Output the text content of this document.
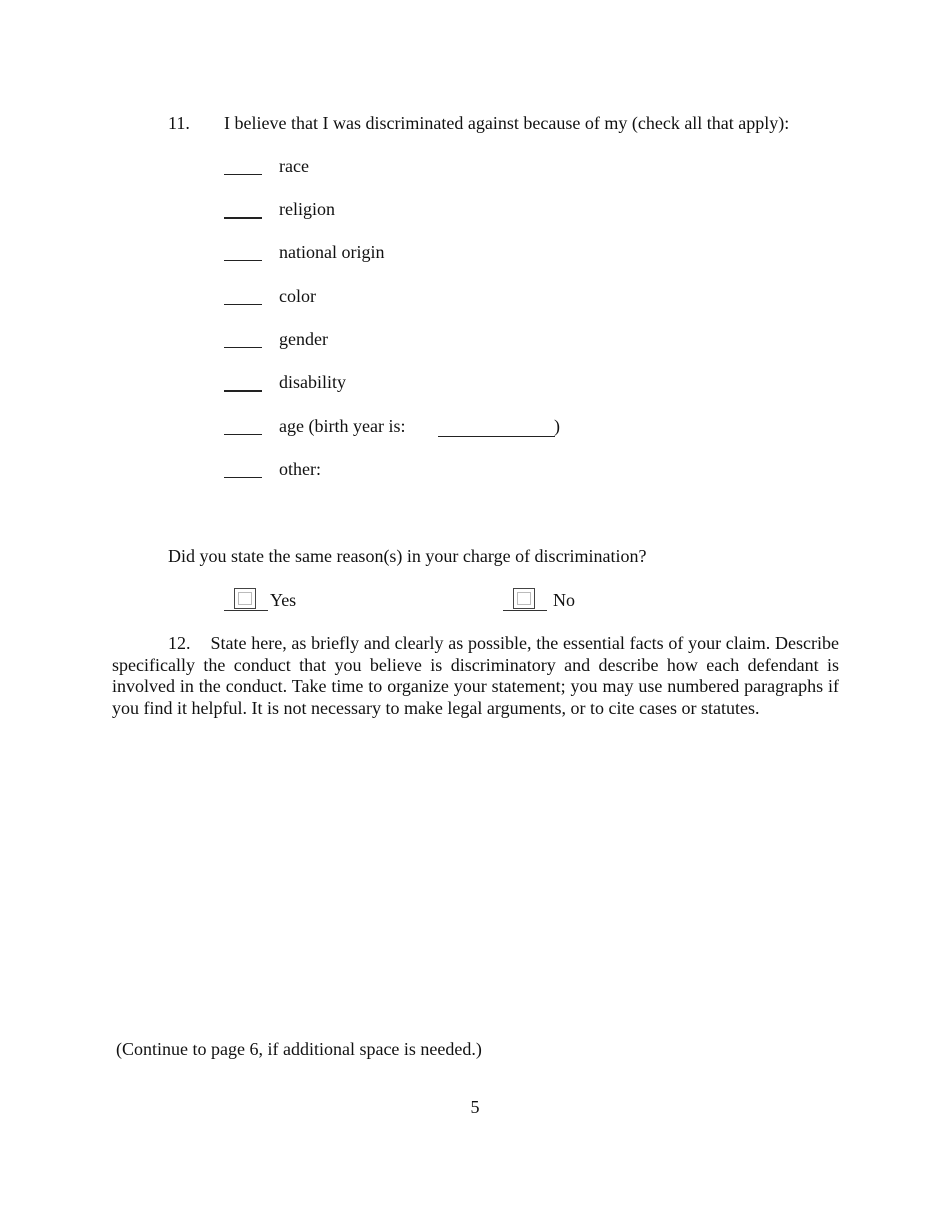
11. I believe that I was discriminated against because of my (check all that apply):
race
religion
national origin
color
gender
disability
age (birth year is:	)
other:
Did you state the same reason(s) in your charge of discrimination?
Yes	No
12. State here, as briefly and clearly as possible, the essential facts of your claim. Describe specifically the conduct that you believe is discriminatory and describe how each defendant is involved in the conduct. Take time to organize your statement; you may use numbered paragraphs if you find it helpful. It is not necessary to make legal arguments, or to cite cases or statutes.
(Continue to page 6, if additional space is needed.)
5
